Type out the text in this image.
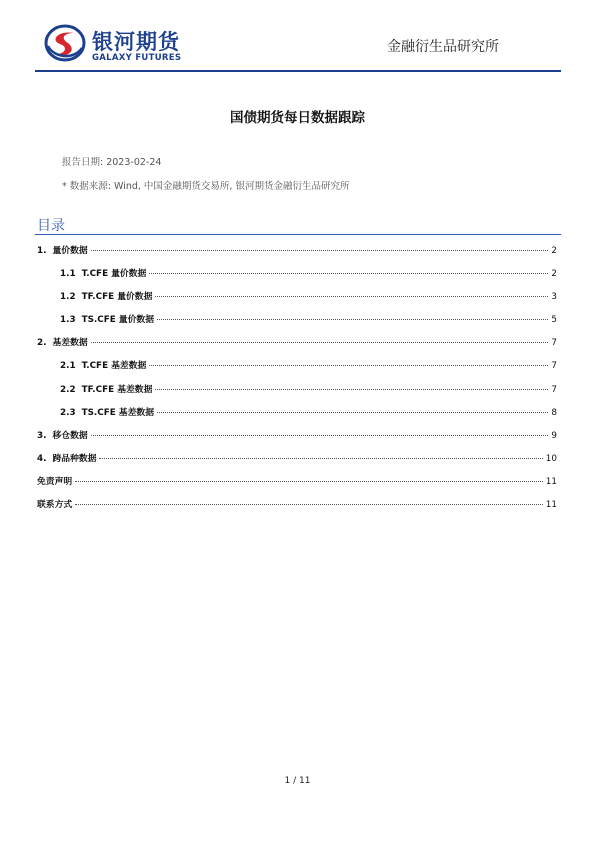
银河期货
GALAXY FUTURES
金融衍生品研究所
国债期货每日数据跟踪
报告日期: 2023-02-24
* 数据来源: Wind, 中国金融期货交易所, 银河期货金融衍生品研究所
目录
1. 量价数据	2
1.1 T.CFE 量价数据	2
1.2 TF.CFE 量价数据	3
1.3 TS.CFE 量价数据	5
2. 基差数据	7
2.1 T.CFE 基差数据	7
2.2 TF.CFE 基差数据	7
2.3 TS.CFE 基差数据	8
3. 移仓数据	9
4. 跨品种数据	10
免责声明	11
联系方式	11
1 / 11
